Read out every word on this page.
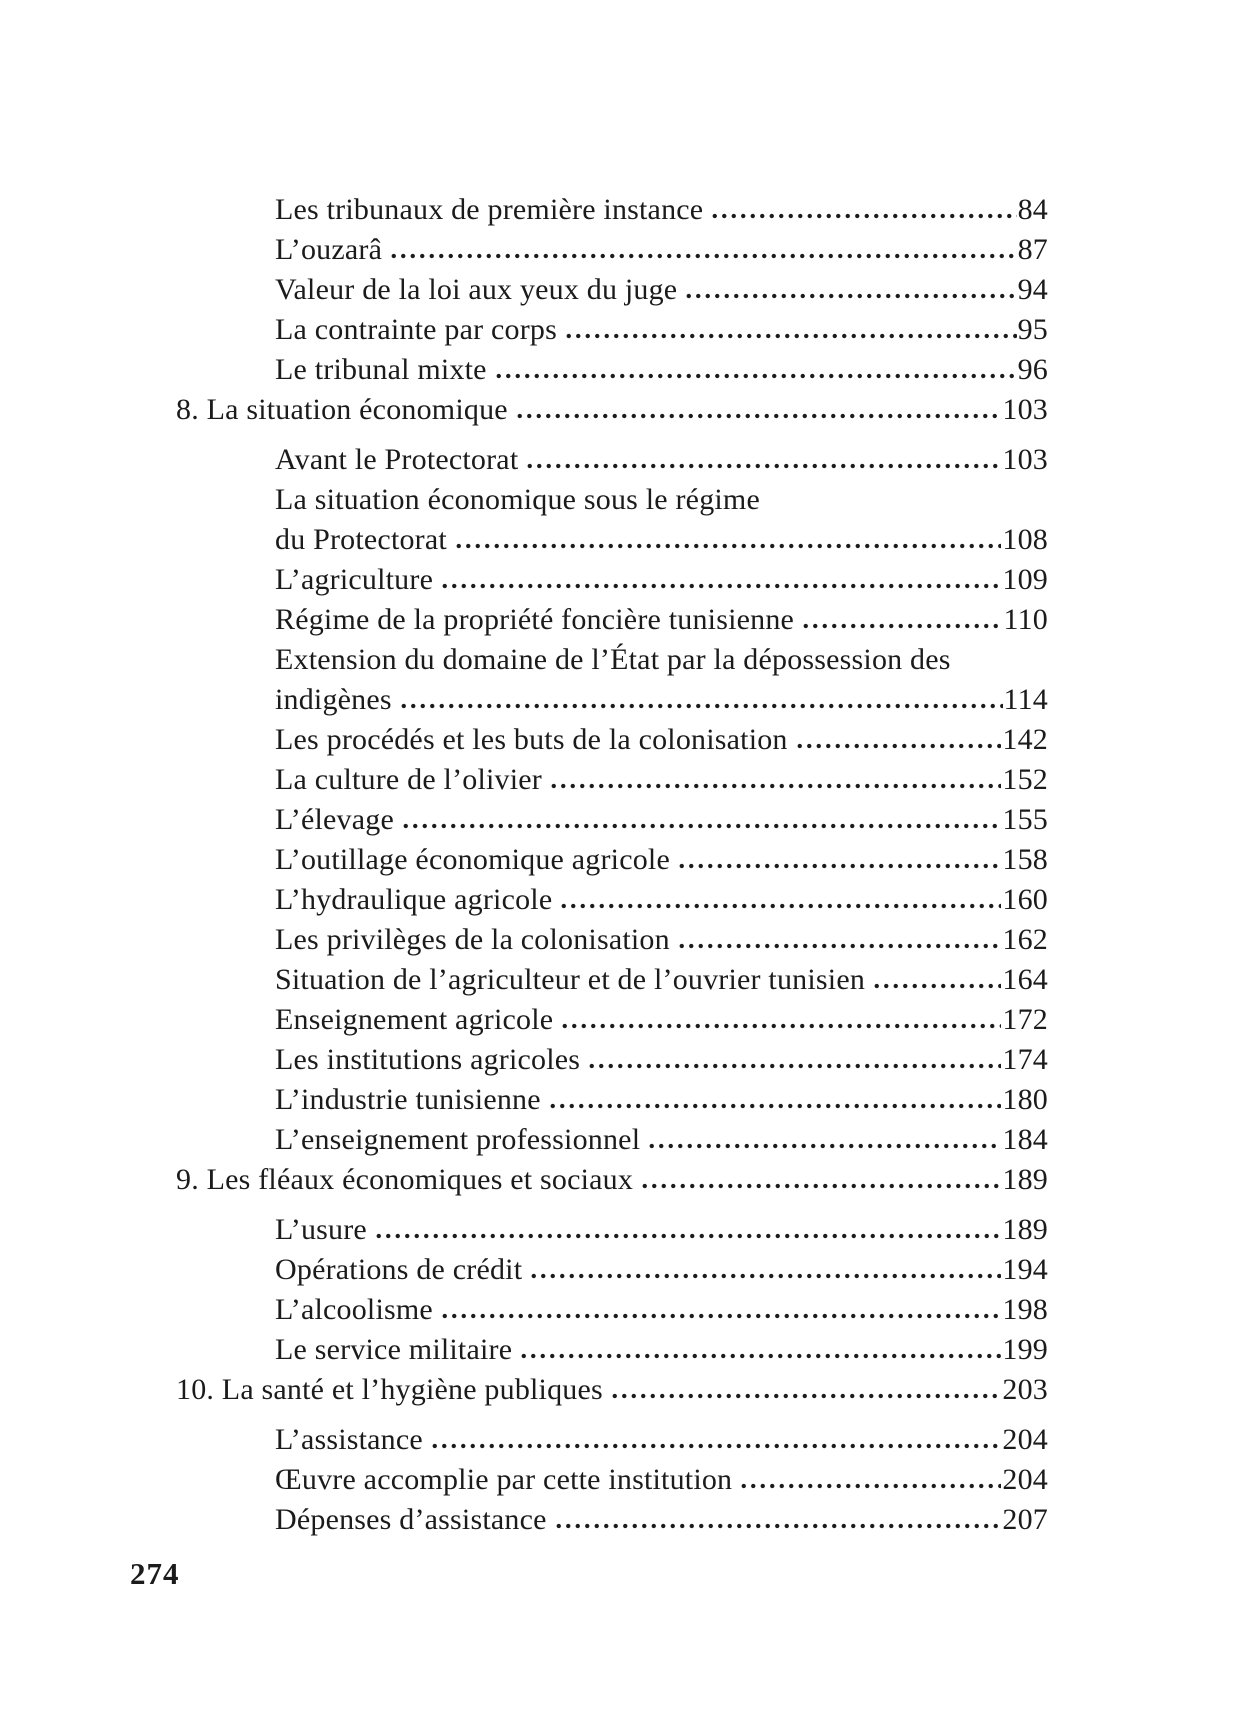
Les tribunaux de première instance	84
L’ouzarâ	87
Valeur de la loi aux yeux du juge	94
La contrainte par corps	95
Le tribunal mixte	96
8. La situation économique	103
Avant le Protectorat	103
La situation économique sous le régime
du Protectorat	108
L’agriculture	109
Régime de la propriété foncière tunisienne	110
Extension du domaine de l’État par la dépossession des
indigènes	114
Les procédés et les buts de la colonisation	142
La culture de l’olivier	152
L’élevage	155
L’outillage économique agricole	158
L’hydraulique agricole	160
Les privilèges de la colonisation	162
Situation de l’agriculteur et de l’ouvrier tunisien	164
Enseignement agricole	172
Les institutions agricoles	174
L’industrie tunisienne	180
L’enseignement professionnel	184
9. Les fléaux économiques et sociaux	189
L’usure	189
Opérations de crédit	194
L’alcoolisme	198
Le service militaire	199
10. La santé et l’hygiène publiques	203
L’assistance	204
Œuvre accomplie par cette institution	204
Dépenses d’assistance	207
274
